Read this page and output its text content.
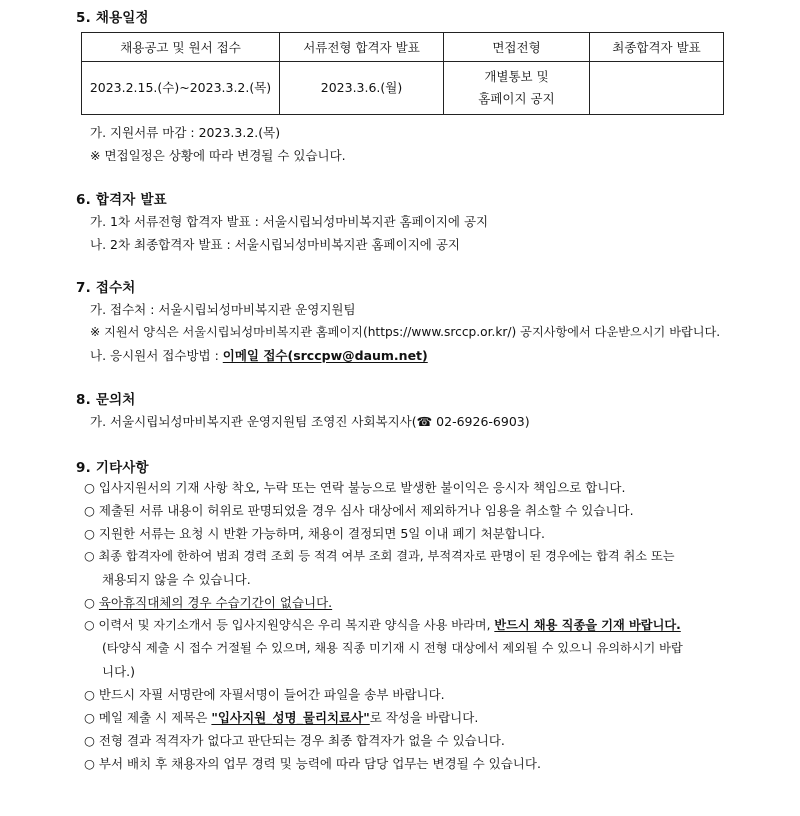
5. 채용일정
채용공고 및 원서 접수	서류전형 합격자 발표	면접전형	최종합격자 발표
2023.2.15.(수)~2023.3.2.(목)	2023.3.6.(월)	개별통보 및
홈페이지 공지	

가. 지원서류 마감 : 2023.3.2.(목)
※ 면접일정은 상황에 따라 변경될 수 있습니다.
6. 합격자 발표
가. 1차 서류전형 합격자 발표 : 서울시립뇌성마비복지관 홈페이지에 공지
나. 2차 최종합격자 발표 : 서울시립뇌성마비복지관 홈페이지에 공지
7. 접수처
가. 접수처 : 서울시립뇌성마비복지관 운영지원팀
※ 지원서 양식은 서울시립뇌성마비복지관 홈페이지(https://www.srccp.or.kr/) 공지사항에서 다운받으시기 바랍니다.
나. 응시원서 접수방법 : 이메일 접수(srccpw@daum.net)
8. 문의처
가. 서울시립뇌성마비복지관 운영지원팀 조영진 사회복지사(☎ 02-6926-6903)
9. 기타사항
○ 입사지원서의 기재 사항 착오, 누락 또는 연락 불능으로 발생한 불이익은 응시자 책임으로 합니다.
○ 제출된 서류 내용이 허위로 판명되었을 경우 심사 대상에서 제외하거나 임용을 취소할 수 있습니다.
○ 지원한 서류는 요청 시 반환 가능하며, 채용이 결정되면 5일 이내 폐기 처분합니다.
○ 최종 합격자에 한하여 범죄 경력 조회 등 적격 여부 조회 결과, 부적격자로 판명이 된 경우에는 합격 취소 또는
채용되지 않을 수 있습니다.
○ 육아휴직대체의 경우 수습기간이 없습니다.
○ 이력서 및 자기소개서 등 입사지원양식은 우리 복지관 양식을 사용 바라며, 반드시 채용 직종을 기재 바랍니다.
(타양식 제출 시 접수 거절될 수 있으며, 채용 직종 미기재 시 전형 대상에서 제외될 수 있으니 유의하시기 바랍
니다.)
○ 반드시 자필 서명란에 자필서명이 들어간 파일을 송부 바랍니다.
○ 메일 제출 시 제목은 "입사지원_성명_물리치료사"로 작성을 바랍니다.
○ 전형 결과 적격자가 없다고 판단되는 경우 최종 합격자가 없을 수 있습니다.
○ 부서 배치 후 채용자의 업무 경력 및 능력에 따라 담당 업무는 변경될 수 있습니다.
